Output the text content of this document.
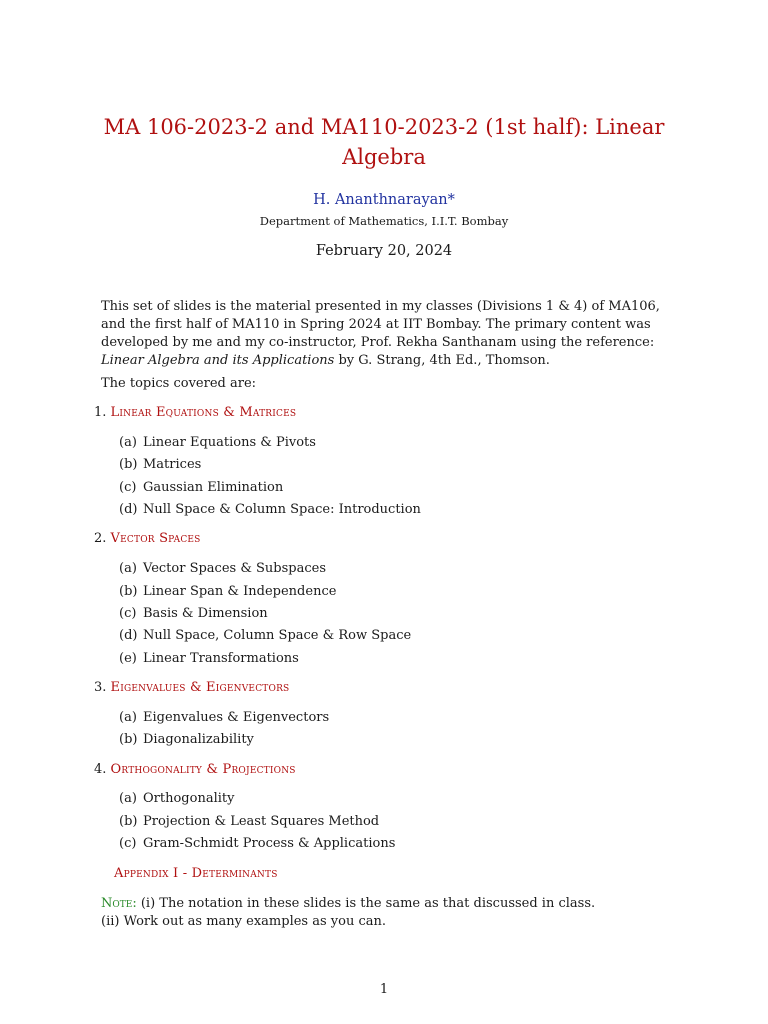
MA 106-2023-2 and MA110-2023-2 (1st half): Linear
Algebra
H. Ananthnarayan*
Department of Mathematics, I.I.T. Bombay
February 20, 2024

This set of slides is the material presented in my classes (Divisions 1 & 4) of MA106,
and the first half of MA110 in Spring 2024 at IIT Bombay. The primary content was
developed by me and my co-instructor, Prof. Rekha Santhanam using the reference:
Linear Algebra and its Applications by G. Strang, 4th Ed., Thomson.

The topics covered are:

1. Linear Equations & Matrices
(a) Linear Equations & Pivots
(b) Matrices
(c) Gaussian Elimination
(d) Null Space & Column Space: Introduction
2. Vector Spaces
(a) Vector Spaces & Subspaces
(b) Linear Span & Independence
(c) Basis & Dimension
(d) Null Space, Column Space & Row Space
(e) Linear Transformations
3. Eigenvalues & Eigenvectors
(a) Eigenvalues & Eigenvectors
(b) Diagonalizability
4. Orthogonality & Projections
(a) Orthogonality
(b) Projection & Least Squares Method
(c) Gram-Schmidt Process & Applications
Appendix I - Determinants
Note: (i) The notation in these slides is the same as that discussed in class.
(ii) Work out as many examples as you can.
1
